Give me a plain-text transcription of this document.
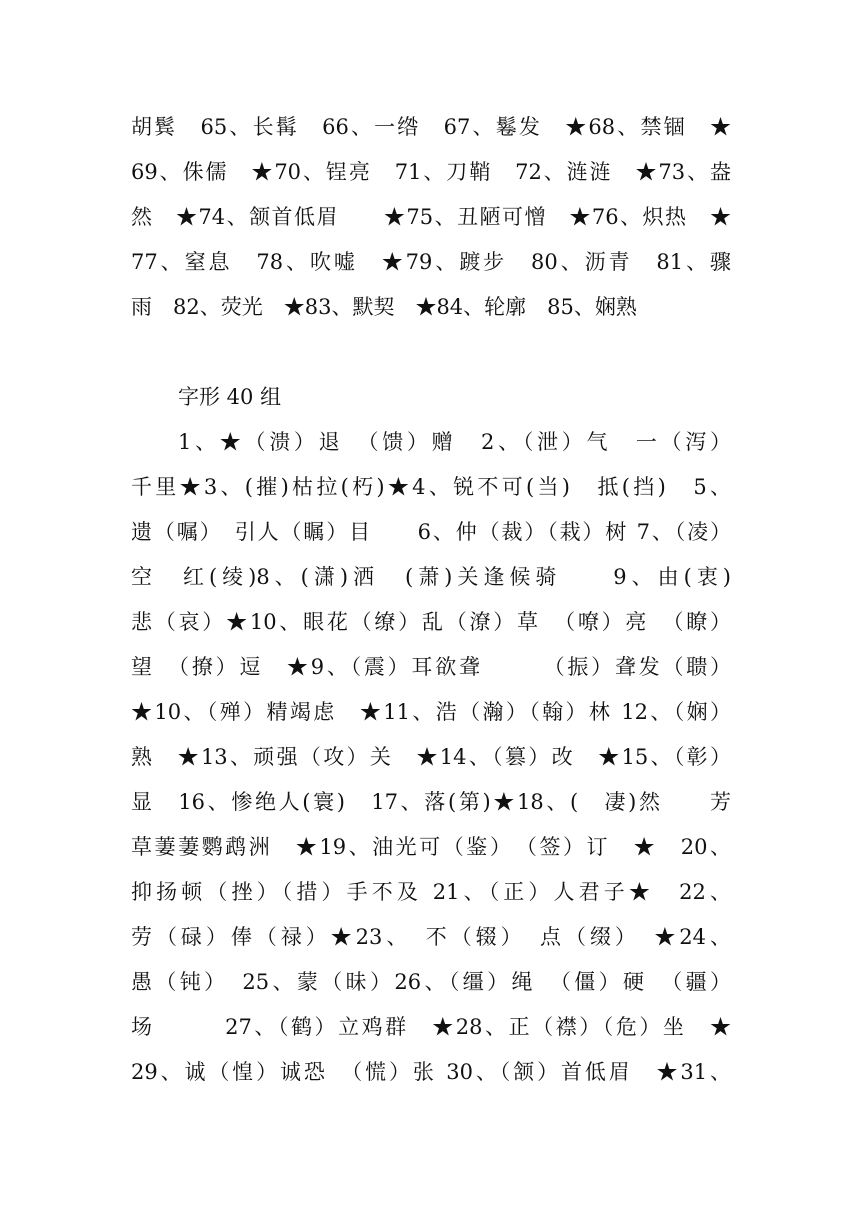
胡鬂　65、长髯　66、一绺　67、鬈发　★68、禁锢　★
69、侏儒　★70、锃亮　71、刀鞘　72、涟涟　★73、盎
然　★74、颔首低眉　　★75、丑陋可憎　★76、炽热　★
77、窒息　78、吹嘘　★79、踱步　80、沥青　81、骤
雨　82、荧光　★83、默契　★84、轮廓　85、娴熟
字形 40 组
1、★（溃）退　（馈）赠　2、（泄）气　一（泻）
千里★3、(摧)枯拉(朽)★4、锐不可(当)　抵(挡)　5、
遗（嘱）　引人（瞩）目　　6、仲（裁）（栽）树 7、（凌）
空　红(绫)8、(潇)洒　(萧)关逢候骑　　9、由(衷)
悲（哀）★10、眼花（缭）乱（潦）草　（嘹）亮　（瞭）
望　（撩）逗　★9、（震）耳欲聋　　　（振）聋发（聩）
★10、（殚）精竭虑　★11、浩（瀚）（翰）林 12、（娴）
熟　★13、顽强（攻）关　★14、（篡）改　★15、（彰）
显　16、惨绝人(寰)　17、落(第)★18、(　凄)然　　芳
草萋萋鹦鹉洲　★19、油光可（鉴）　（签）订　★　20、
抑扬顿（挫）（措）手不及 21、（正）人君子★　22、
劳（碌）俸（禄）★23、　不（辍）　点（缀）　★24、
愚（钝）　25、蒙（昧）26、（缰）绳　（僵）硬　（疆）
场　　　27、（鹤）立鸡群　★28、正（襟）（危）坐　★
29、诚（惶）诚恐　（慌）张 30、（颔）首低眉　★31、
